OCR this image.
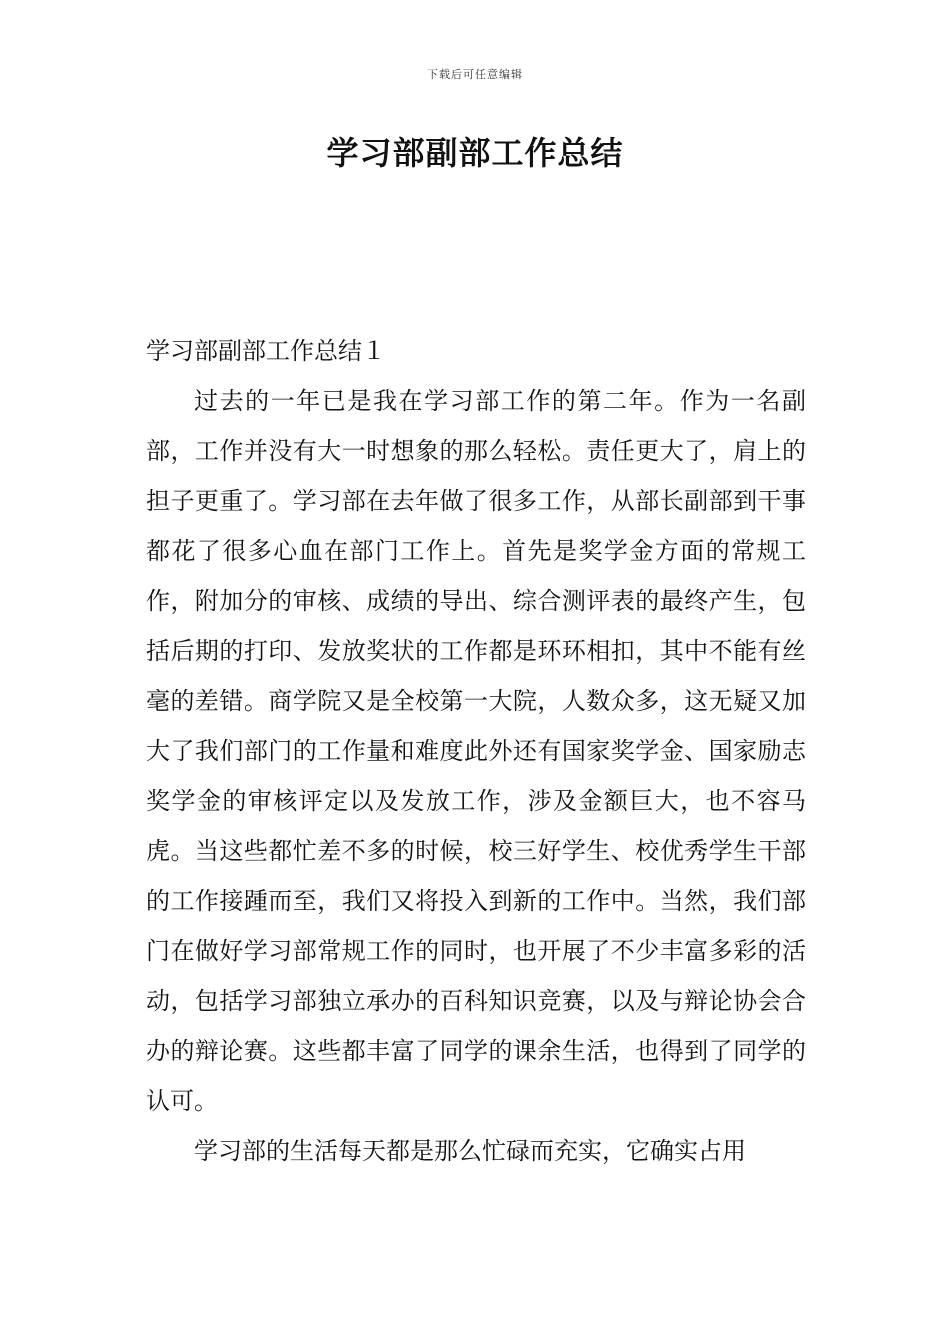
下载后可任意编辑
学习部副部工作总结

学习部副部工作总结１

过去的一年已是我在学习部工作的第二年。作为一名副部，工作并没有大一时想象的那么轻松。责任更大了，肩上的担子更重了。学习部在去年做了很多工作，从部长副部到干事都花了很多心血在部门工作上。首先是奖学金方面的常规工作，附加分的审核、成绩的导出、综合测评表的最终产生，包括后期的打印、发放奖状的工作都是环环相扣，其中不能有丝毫的差错。商学院又是全校第一大院，人数众多，这无疑又加大了我们部门的工作量和难度此外还有国家奖学金、国家励志奖学金的审核评定以及发放工作，涉及金额巨大，也不容马虎。当这些都忙差不多的时候，校三好学生、校优秀学生干部的工作接踵而至，我们又将投入到新的工作中。当然，我们部门在做好学习部常规工作的同时，也开展了不少丰富多彩的活动，包括学习部独立承办的百科知识竞赛，以及与辩论协会合办的辩论赛。这些都丰富了同学的课余生活，也得到了同学的认可。

学习部的生活每天都是那么忙碌而充实，它确实占用
